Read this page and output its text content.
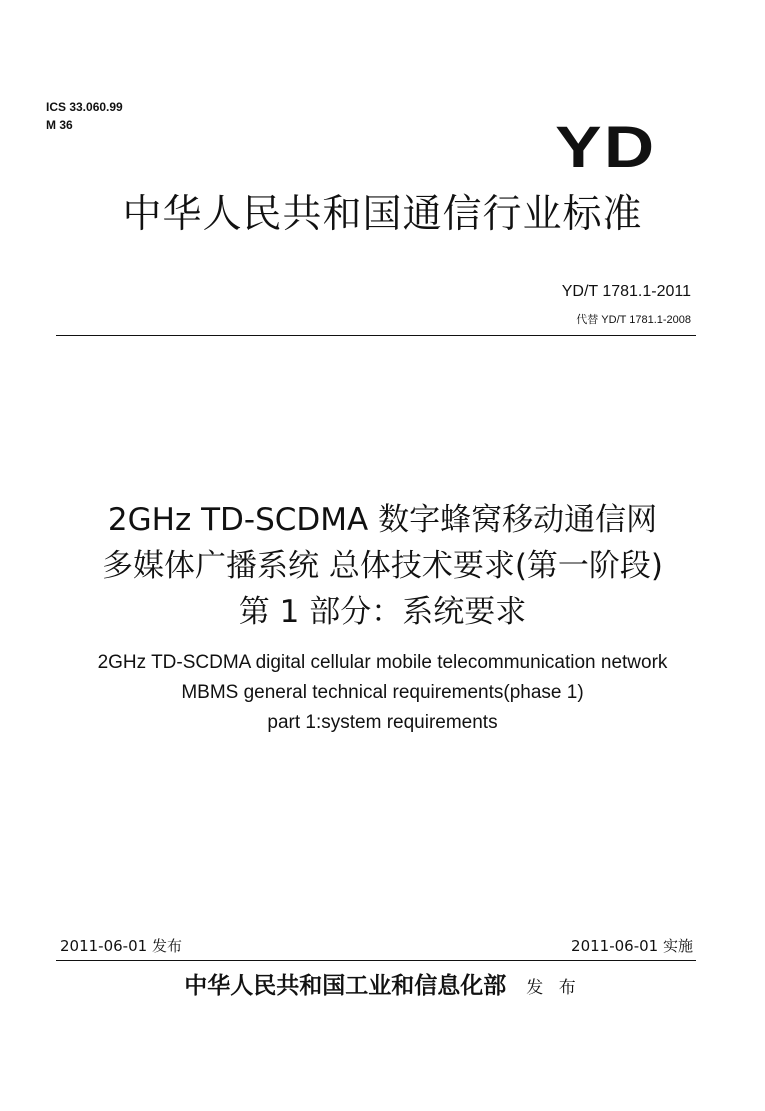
ICS 33.060.99
M 36	YD
中华人民共和国通信行业标准
YD/T 1781.1-2011
代替 YD/T 1781.1-2008
2GHz TD-SCDMA 数字蜂窝移动通信网
多媒体广播系统 总体技术要求(第一阶段)
第 1 部分：系统要求
2GHz TD-SCDMA digital cellular mobile telecommunication network
MBMS general technical requirements(phase 1)
part 1:system requirements
2011-06-01 发布	2011-06-01 实施
中华人民共和国工业和信息化部 发 布
